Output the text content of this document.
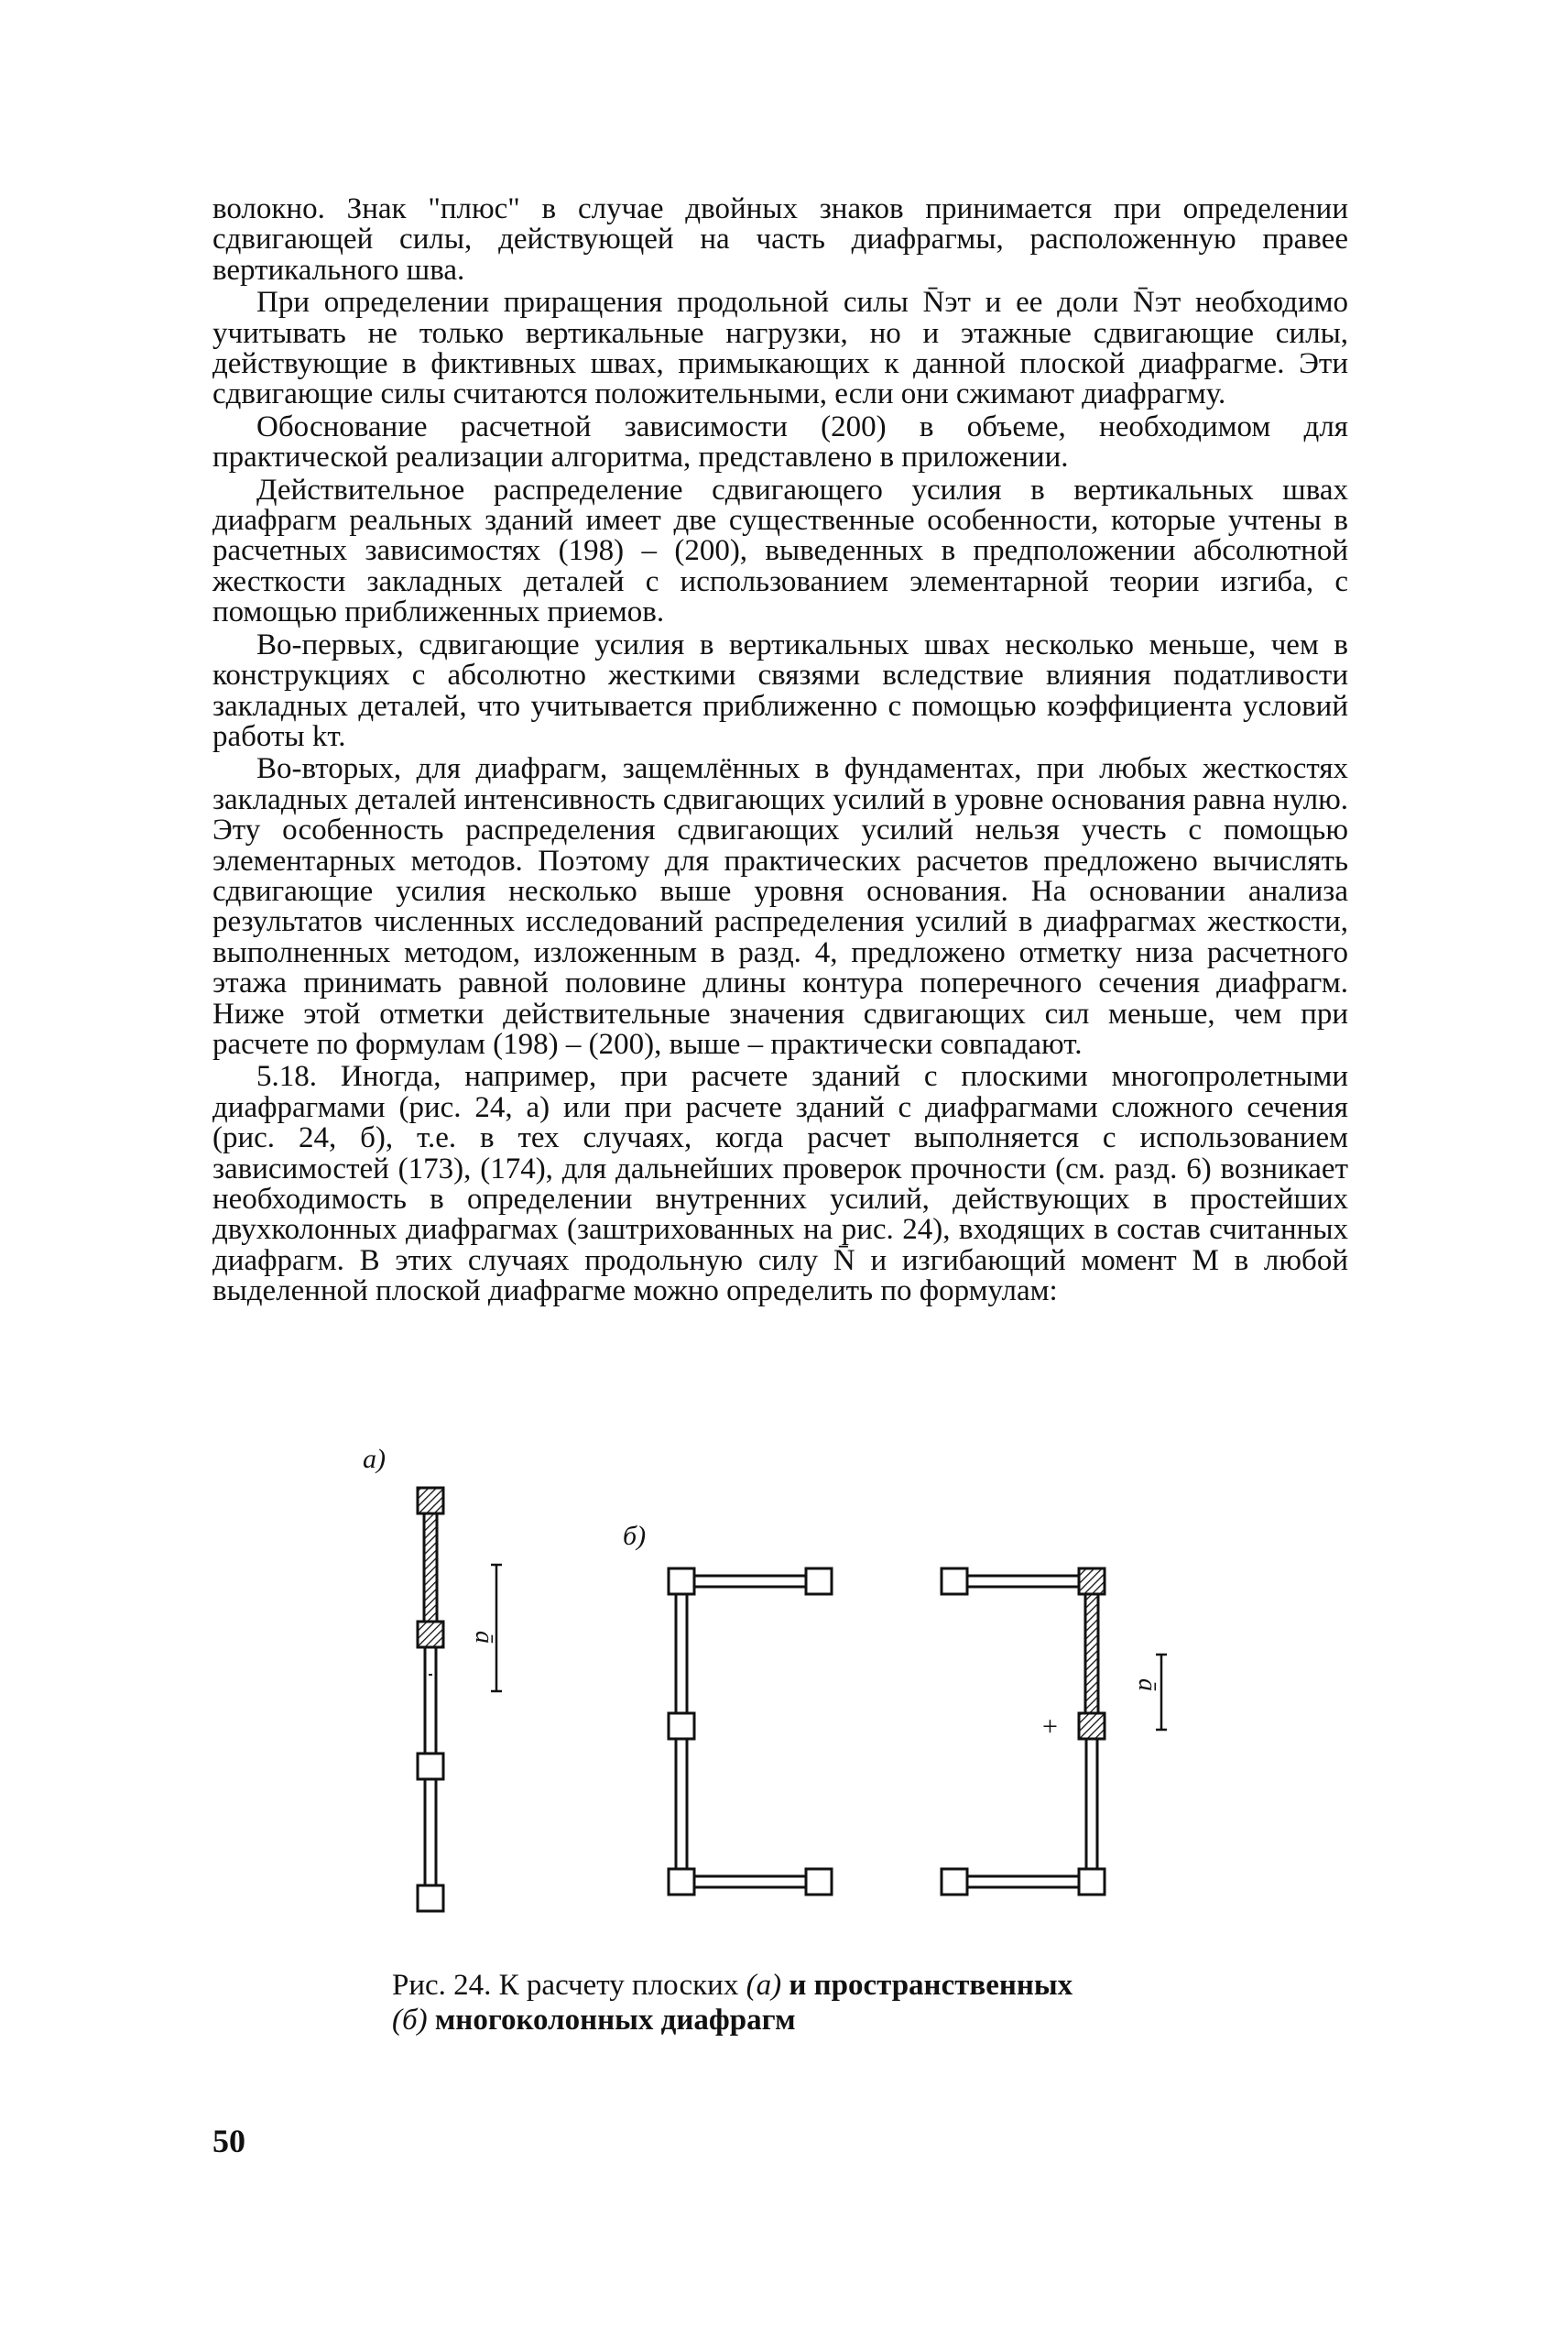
волокно. Знак "плюс" в случае двойных знаков принимается при определении сдвигающей силы, действующей на часть диафрагмы, расположенную правее вертикального шва.

При определении приращения продольной силы N̄эт и ее доли N̄эт необходимо учитывать не только вертикальные нагрузки, но и этажные сдвигающие силы, действующие в фиктивных швах, примыкающих к данной плоской диафрагме. Эти сдвигающие силы считаются положительными, если они сжимают диафрагму.

Обоснование расчетной зависимости (200) в объеме, необходимом для практической реализации алгоритма, представлено в приложении.

Действительное распределение сдвигающего усилия в вертикальных швах диафрагм реальных зданий имеет две существенные особенности, которые учтены в расчетных зависимостях (198) – (200), выведенных в предположении абсолютной жесткости закладных деталей с использованием элементарной теории изгиба, с помощью приближенных приемов.

Во-первых, сдвигающие усилия в вертикальных швах несколько меньше, чем в конструкциях с абсолютно жесткими связями вследствие влияния податливости закладных деталей, что учитывается приближенно с помощью коэффициента условий работы kт.

Во-вторых, для диафрагм, защемлённых в фундаментах, при любых жесткостях закладных деталей интенсивность сдвигающих усилий в уровне основания равна нулю. Эту особенность распределения сдвигающих усилий нельзя учесть с помощью элементарных методов. Поэтому для практических расчетов предложено вычислять сдвигающие усилия несколько выше уровня основания. На основании анализа результатов численных исследований распределения усилий в диафрагмах жесткости, выполненных методом, изложенным в разд. 4, предложено отметку низа расчетного этажа принимать равной половине длины контура поперечного сечения диафрагм. Ниже этой отметки действительные значения сдвигающих сил меньше, чем при расчете по формулам (198) – (200), выше – практически совпадают.

5.18. Иногда, например, при расчете зданий с плоскими многопролетными диафрагмами (рис. 24, а) или при расчете зданий с диафрагмами сложного сечения (рис. 24, б), т.е. в тех случаях, когда расчет выполняется с использованием зависимостей (173), (174), для дальнейших проверок прочности (см. разд. 6) возникает необходимость в определении внутренних усилий, действующих в простейших двухколонных диафрагмах (заштрихованных на рис. 24), входящих в состав считанных диафрагм. В этих случаях продольную силу N̄ и изгибающий момент M в любой выделенной плоской диафрагме можно определить по формулам:

а)
ā
б)
+
ā
Рис. 24. К расчету плоских (а) и пространственных
(б) многоколонных диафрагм
50
